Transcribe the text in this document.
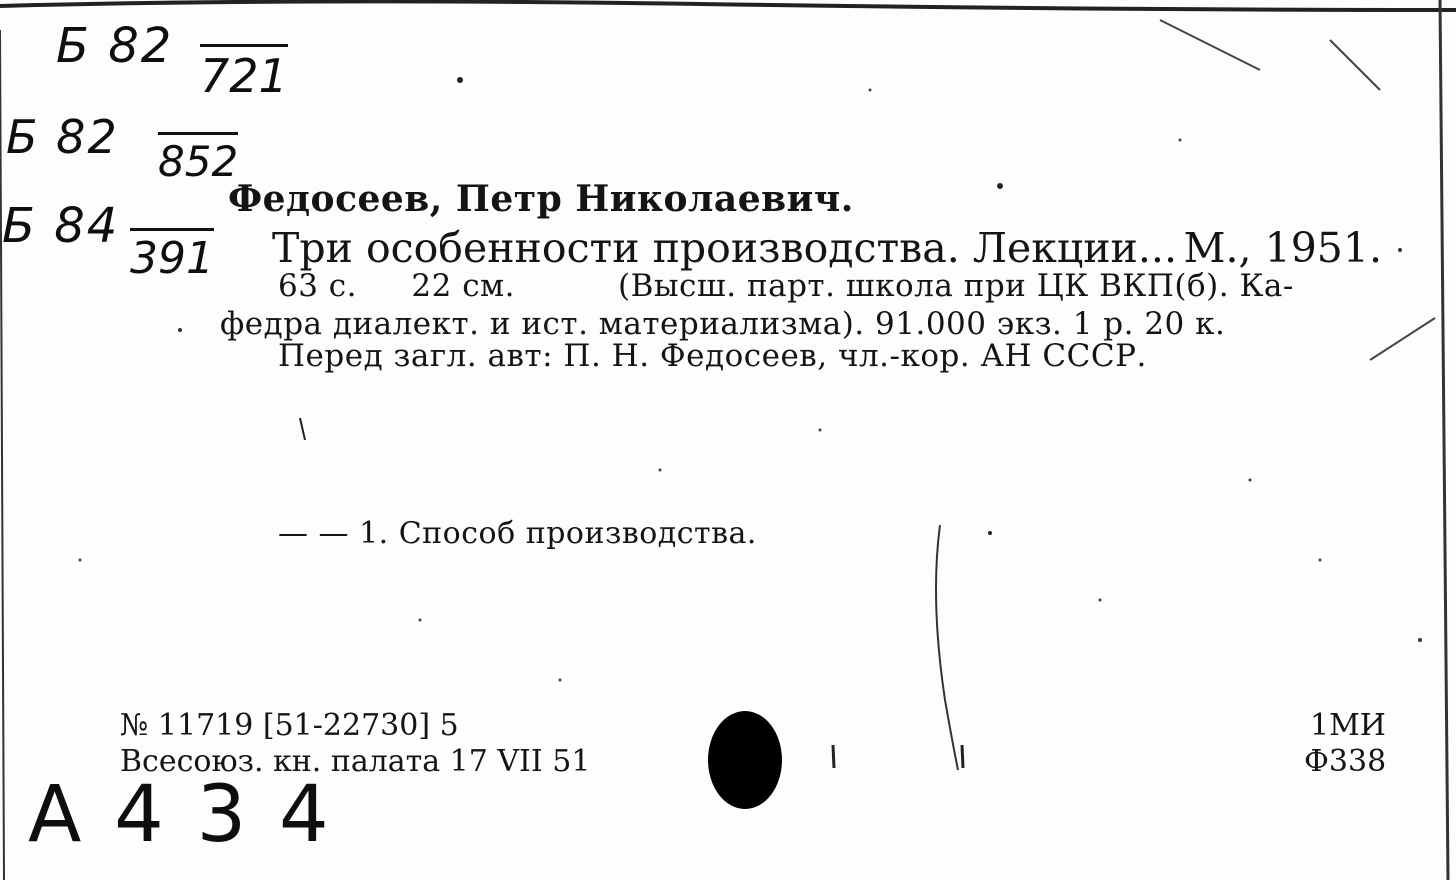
Б 82
721
Б 82 852
Б 84
391
Федосеев, Петр Николаевич.
Три особенности производства. Лекции... М., 1951.
63 с. 22 см.	(Высш. парт. школа при ЦК ВКП(б). Ка-
федра диалект. и ист. материализма). 91.000 экз. 1 р. 20 к.
Перед загл. авт: П. Н. Федосеев, чл.-кор. АН СССР.
— — 1. Способ производства.
№ 11719 [51-22730] 5
Всесоюз. кн. палата 17 VII 51
1МИ
Ф338
А 4 3 4
